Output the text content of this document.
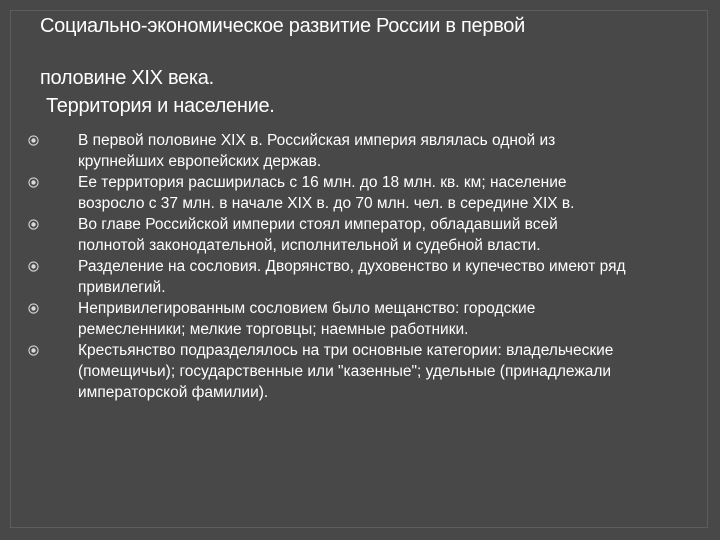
Социально-экономическое развитие России в первой
половине XIX века.
Территория и население.
В первой половине XIX в. Российская империя являлась одной из крупнейших европейских держав.
Ее территория расширилась с 16 млн. до 18 млн. кв. км; население возросло с 37 млн. в начале XIX в. до 70 млн. чел. в середине XIX в.
Во главе Российской империи стоял император, обладавший всей полнотой законодательной, исполнительной и судебной власти.
Разделение на сословия. Дворянство, духовенство и купечество имеют ряд привилегий.
Непривилегированным сословием было мещанство: городские ремесленники; мелкие торговцы; наемные работники.
Крестьянство подразделялось на три основные категории: владельческие (помещичьи); государственные или "казенные"; удельные (принадлежали императорской фамилии).
